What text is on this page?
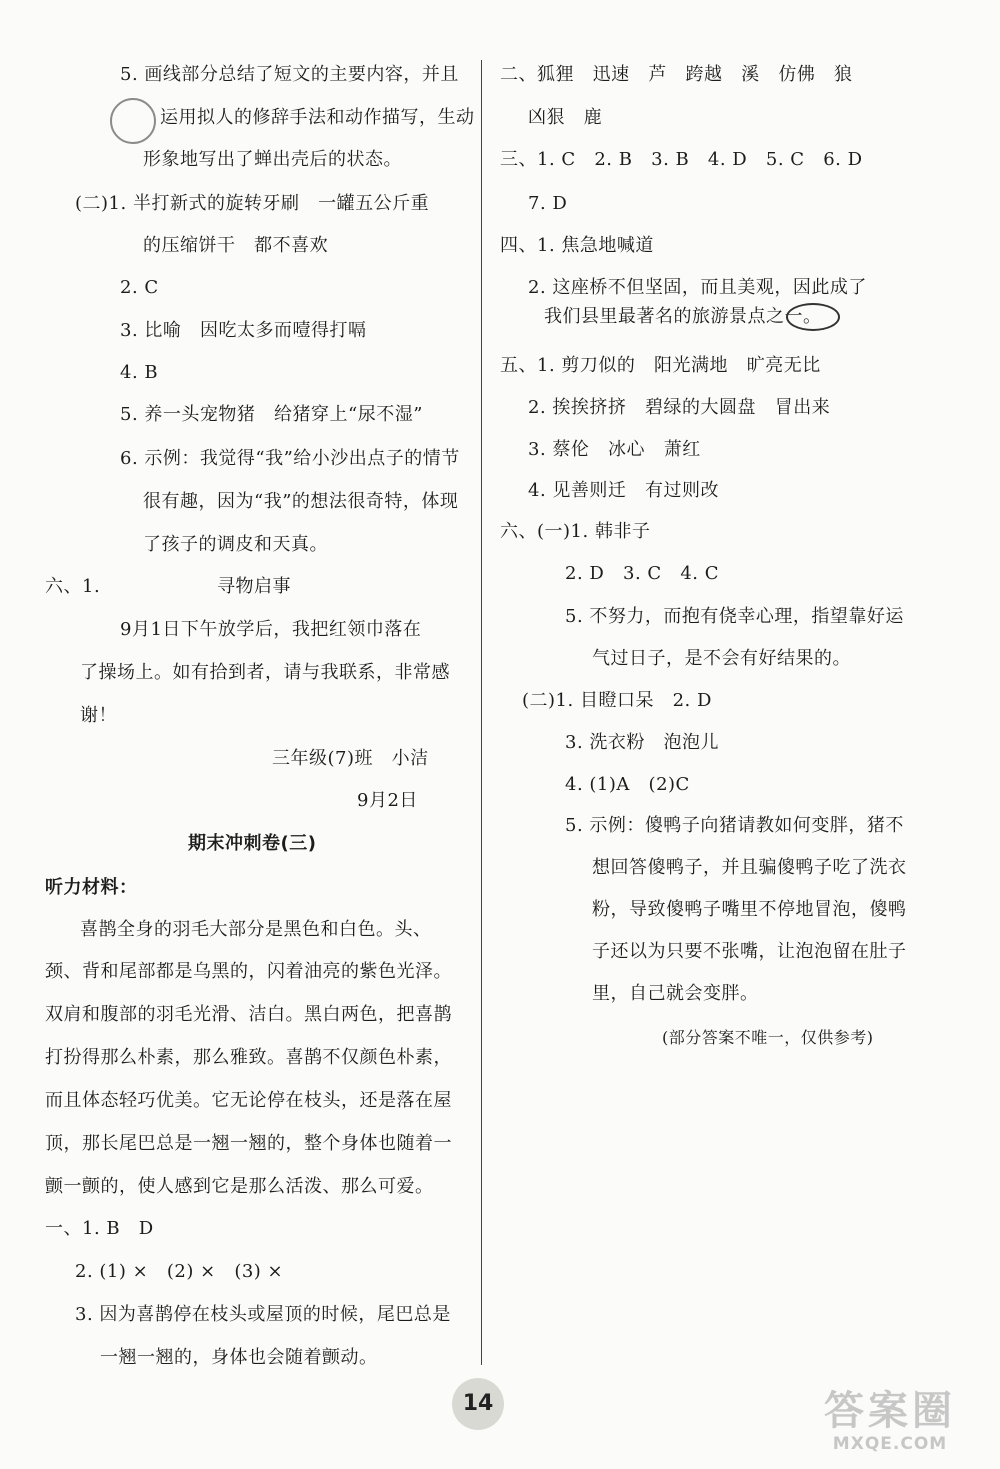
5. 画线部分总结了短文的主要内容，并且
运用拟人的修辞手法和动作描写，生动
形象地写出了蝉出壳后的状态。
(二)1. 半打新式的旋转牙刷   一罐五公斤重
的压缩饼干   都不喜欢
2. C
3. 比喻   因吃太多而噎得打嗝
4. B
5. 养一头宠物猪   给猪穿上“尿不湿”
6. 示例：我觉得“我”给小沙出点子的情节
很有趣，因为“我”的想法很奇特，体现
了孩子的调皮和天真。
六、1.	寻物启事
9月1日下午放学后，我把红领巾落在
了操场上。如有拾到者，请与我联系，非常感
谢！
三年级(7)班   小洁
9月2日
期末冲刺卷(三)
听力材料：
喜鹊全身的羽毛大部分是黑色和白色。头、
颈、背和尾部都是乌黑的，闪着油亮的紫色光泽。
双肩和腹部的羽毛光滑、洁白。黑白两色，把喜鹊
打扮得那么朴素，那么雅致。喜鹊不仅颜色朴素，
而且体态轻巧优美。它无论停在枝头，还是落在屋
顶，那长尾巴总是一翘一翘的，整个身体也随着一
颤一颤的，使人感到它是那么活泼、那么可爱。
一、1. B   D
2. (1) ×   (2) ×   (3) ×
3. 因为喜鹊停在枝头或屋顶的时候，尾巴总是
一翘一翘的，身体也会随着颤动。
二、狐狸   迅速   芦   跨越   溪   仿佛   狼
凶狠   鹿
三、1. C   2. B   3. B   4. D   5. C   6. D
7. D
四、1. 焦急地喊道
2. 这座桥不但坚固，而且美观，因此成了
我们县里最著名的旅游景点之一。
五、1. 剪刀似的   阳光满地   旷亮无比
2. 挨挨挤挤   碧绿的大圆盘   冒出来
3. 蔡伦   冰心   萧红
4. 见善则迁   有过则改
六、(一)1. 韩非子
2. D   3. C   4. C
5. 不努力，而抱有侥幸心理，指望靠好运
气过日子，是不会有好结果的。
(二)1. 目瞪口呆   2. D
3. 洗衣粉   泡泡儿
4. (1)A   (2)C
5. 示例：傻鸭子向猪请教如何变胖，猪不
想回答傻鸭子，并且骗傻鸭子吃了洗衣
粉，导致傻鸭子嘴里不停地冒泡，傻鸭
子还以为只要不张嘴，让泡泡留在肚子
里，自己就会变胖。
(部分答案不唯一，仅供参考)
14	答案圈
MXQE.COM
